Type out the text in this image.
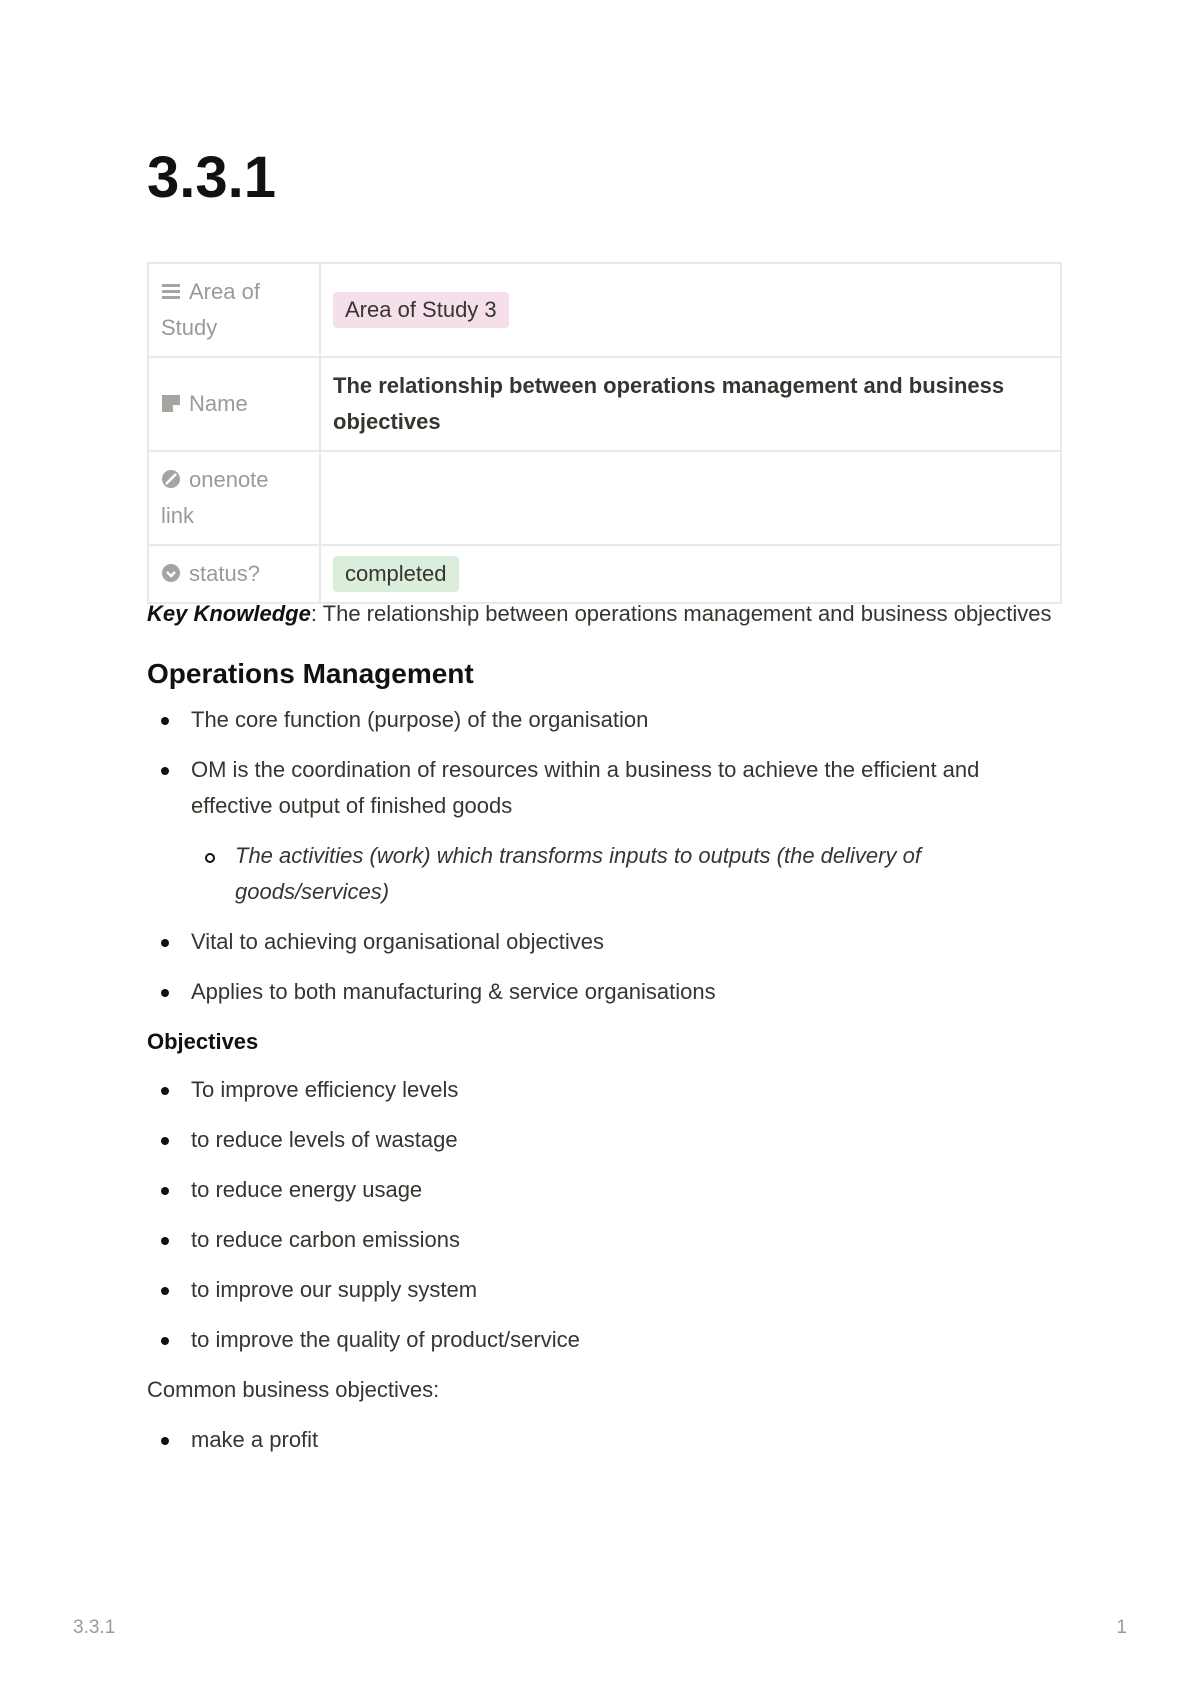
3.3.1
Area of Study	Area of Study 3
Name	The relationship between operations management and business objectives
onenote link	
status?	completed

Key Knowledge: The relationship between operations management and business objectives

Operations Management
The core function (purpose) of the organisation
OM is the coordination of resources within a business to achieve the efficient and effective output of finished goods
The activities (work) which transforms inputs to outputs (the delivery of goods/services)
Vital to achieving organisational objectives
Applies to both manufacturing & service organisations
Objectives
To improve efficiency levels
to reduce levels of wastage
to reduce energy usage
to reduce carbon emissions
to improve our supply system
to improve the quality of product/service

Common business objectives:

make a profit
3.3.1	1
